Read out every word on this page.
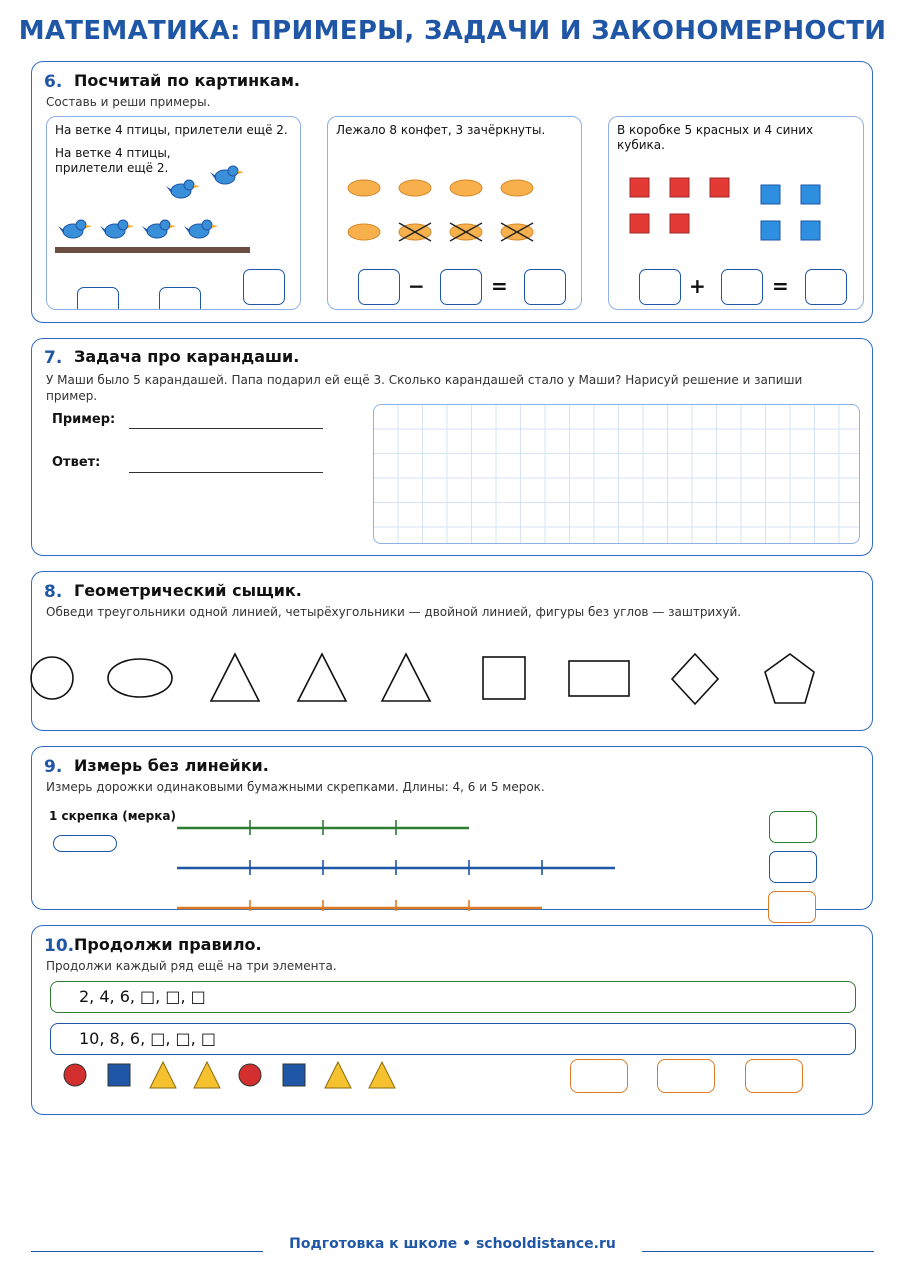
МАТЕМАТИКА: ПРИМЕРЫ, ЗАДАЧИ И ЗАКОНОМЕРНОСТИ
6. Посчитай по картинкам.
Составь и реши примеры.
На ветке 4 птицы, прилетели ещё 2.
На ветке 4 птицы, прилетели ещё 2.
Лежало 8 конфет, 3 зачёркнуты.
−	=
В коробке 5 красных и 4 синих кубика.
+	=
7. Задача про карандаши.
У Маши было 5 карандашей. Папа подарил ей ещё 3. Сколько карандашей стало у Маши? Нарисуй решение и запиши пример.
Пример:
Ответ:
8. Геометрический сыщик.
Обведи треугольники одной линией, четырёхугольники — двойной линией, фигуры без углов — заштрихуй.
9. Измерь без линейки.
Измерь дорожки одинаковыми бумажными скрепками. Длины: 4, 6 и 5 мерок.
1 скрепка (мерка)
10. Продолжи правило.
Продолжи каждый ряд ещё на три элемента.
2, 4, 6, □, □, □
10, 8, 6, □, □, □
Подготовка к школе • schooldistance.ru
